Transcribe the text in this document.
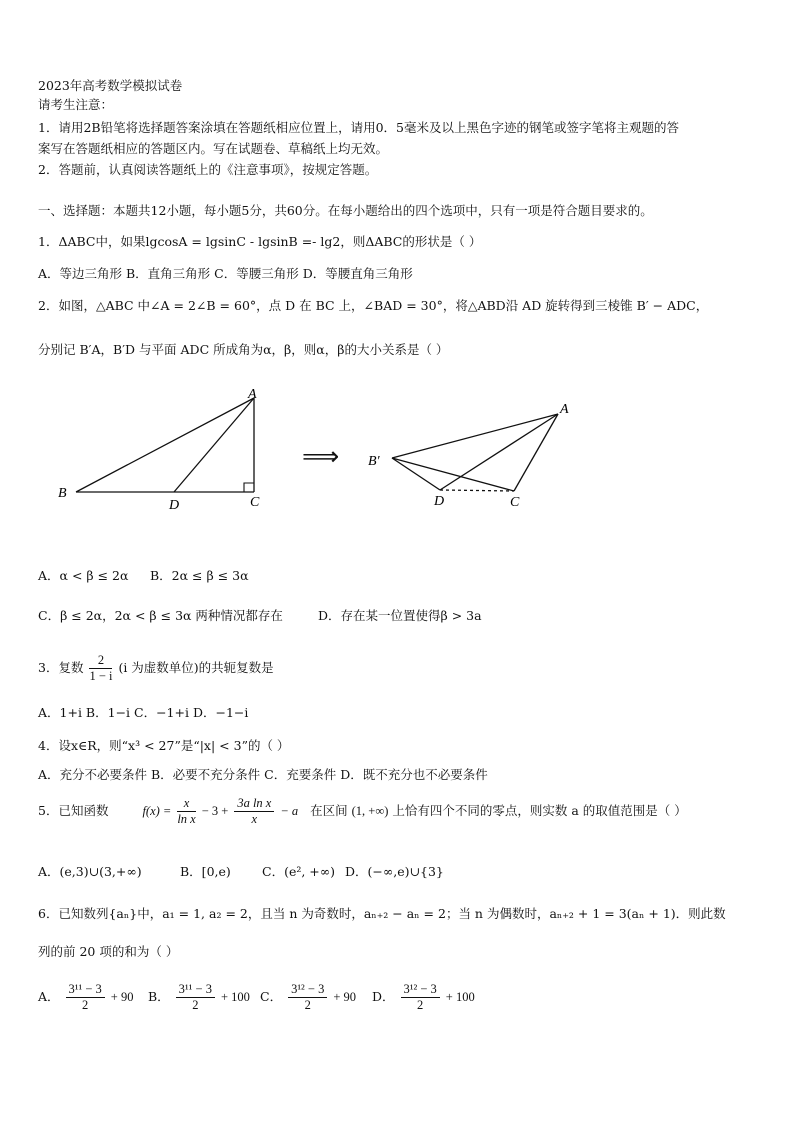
2023年高考数学模拟试卷
请考生注意：
1．请用2B铅笔将选择题答案涂填在答题纸相应位置上，请用0．5毫米及以上黑色字迹的钢笔或签字笔将主观题的答
案写在答题纸相应的答题区内。写在试题卷、草稿纸上均无效。
2．答题前，认真阅读答题纸上的《注意事项》，按规定答题。
一、选择题：本题共12小题，每小题5分，共60分。在每小题给出的四个选项中，只有一项是符合题目要求的。
1．ΔABC中，如果lgcosA = lgsinC - lgsinB =- lg2，则ΔABC的形状是（ ）
A．等边三角形 B．直角三角形 C．等腰三角形 D．等腰直角三角形
2．如图，△ABC 中∠A = 2∠B = 60°，点 D 在 BC 上，∠BAD = 30°，将△ABD沿 AD 旋转得到三棱锥 B′ − ADC，
分别记 B′A，B′D 与平面 ADC 所成角为α，β，则α，β的大小关系是（ ）
A
B
C
D
⟹
A
B′
D	C
A．α < β ≤ 2α B．2α ≤ β ≤ 3α
C．β ≤ 2α，2α < β ≤ 3α 两种情况都存在	D．存在某一位置使得β > 3a
3．复数 $\frac{2}{1 - i} (i$ 为虚数单位)的共轭复数是
A．1+i B．1−i C．−1+i D．−1−i
4．设x∈R，则“x³ < 27”是“|x| < 3”的（ ）
A．充分不必要条件 B．必要不充分条件 C．充要条件 D．既不充分也不必要条件
5．已知函数	$f(x) = \frac{x}{\text{ln x}} - 3 + \frac{\text{3a ln x}}{x} - a$ 在区间 (1, +∞) 上恰有四个不同的零点，则实数 a 的取值范围是（ ）
A．(e,3)∪(3,+∞)	B．[0,e) C．(e², +∞) D．(−∞,e)∪{3}
6．已知数列{aₙ}中，a₁ = 1, a₂ = 2，且当 n 为奇数时，aₙ₊₂ − aₙ = 2；当 n 为偶数时，aₙ₊₂ + 1 = 3(aₙ + 1)．则此数
列的前 20 项的和为（ ）
A． $\frac{\text{3¹¹ − 3}}{2} + 90$ B． $\frac{\text{3¹¹ − 3}}{2} + 100$ C． $\frac{\text{3¹² − 3}}{2} + 90$ D． $\frac{\text{3¹² − 3}}{2} + 100$
